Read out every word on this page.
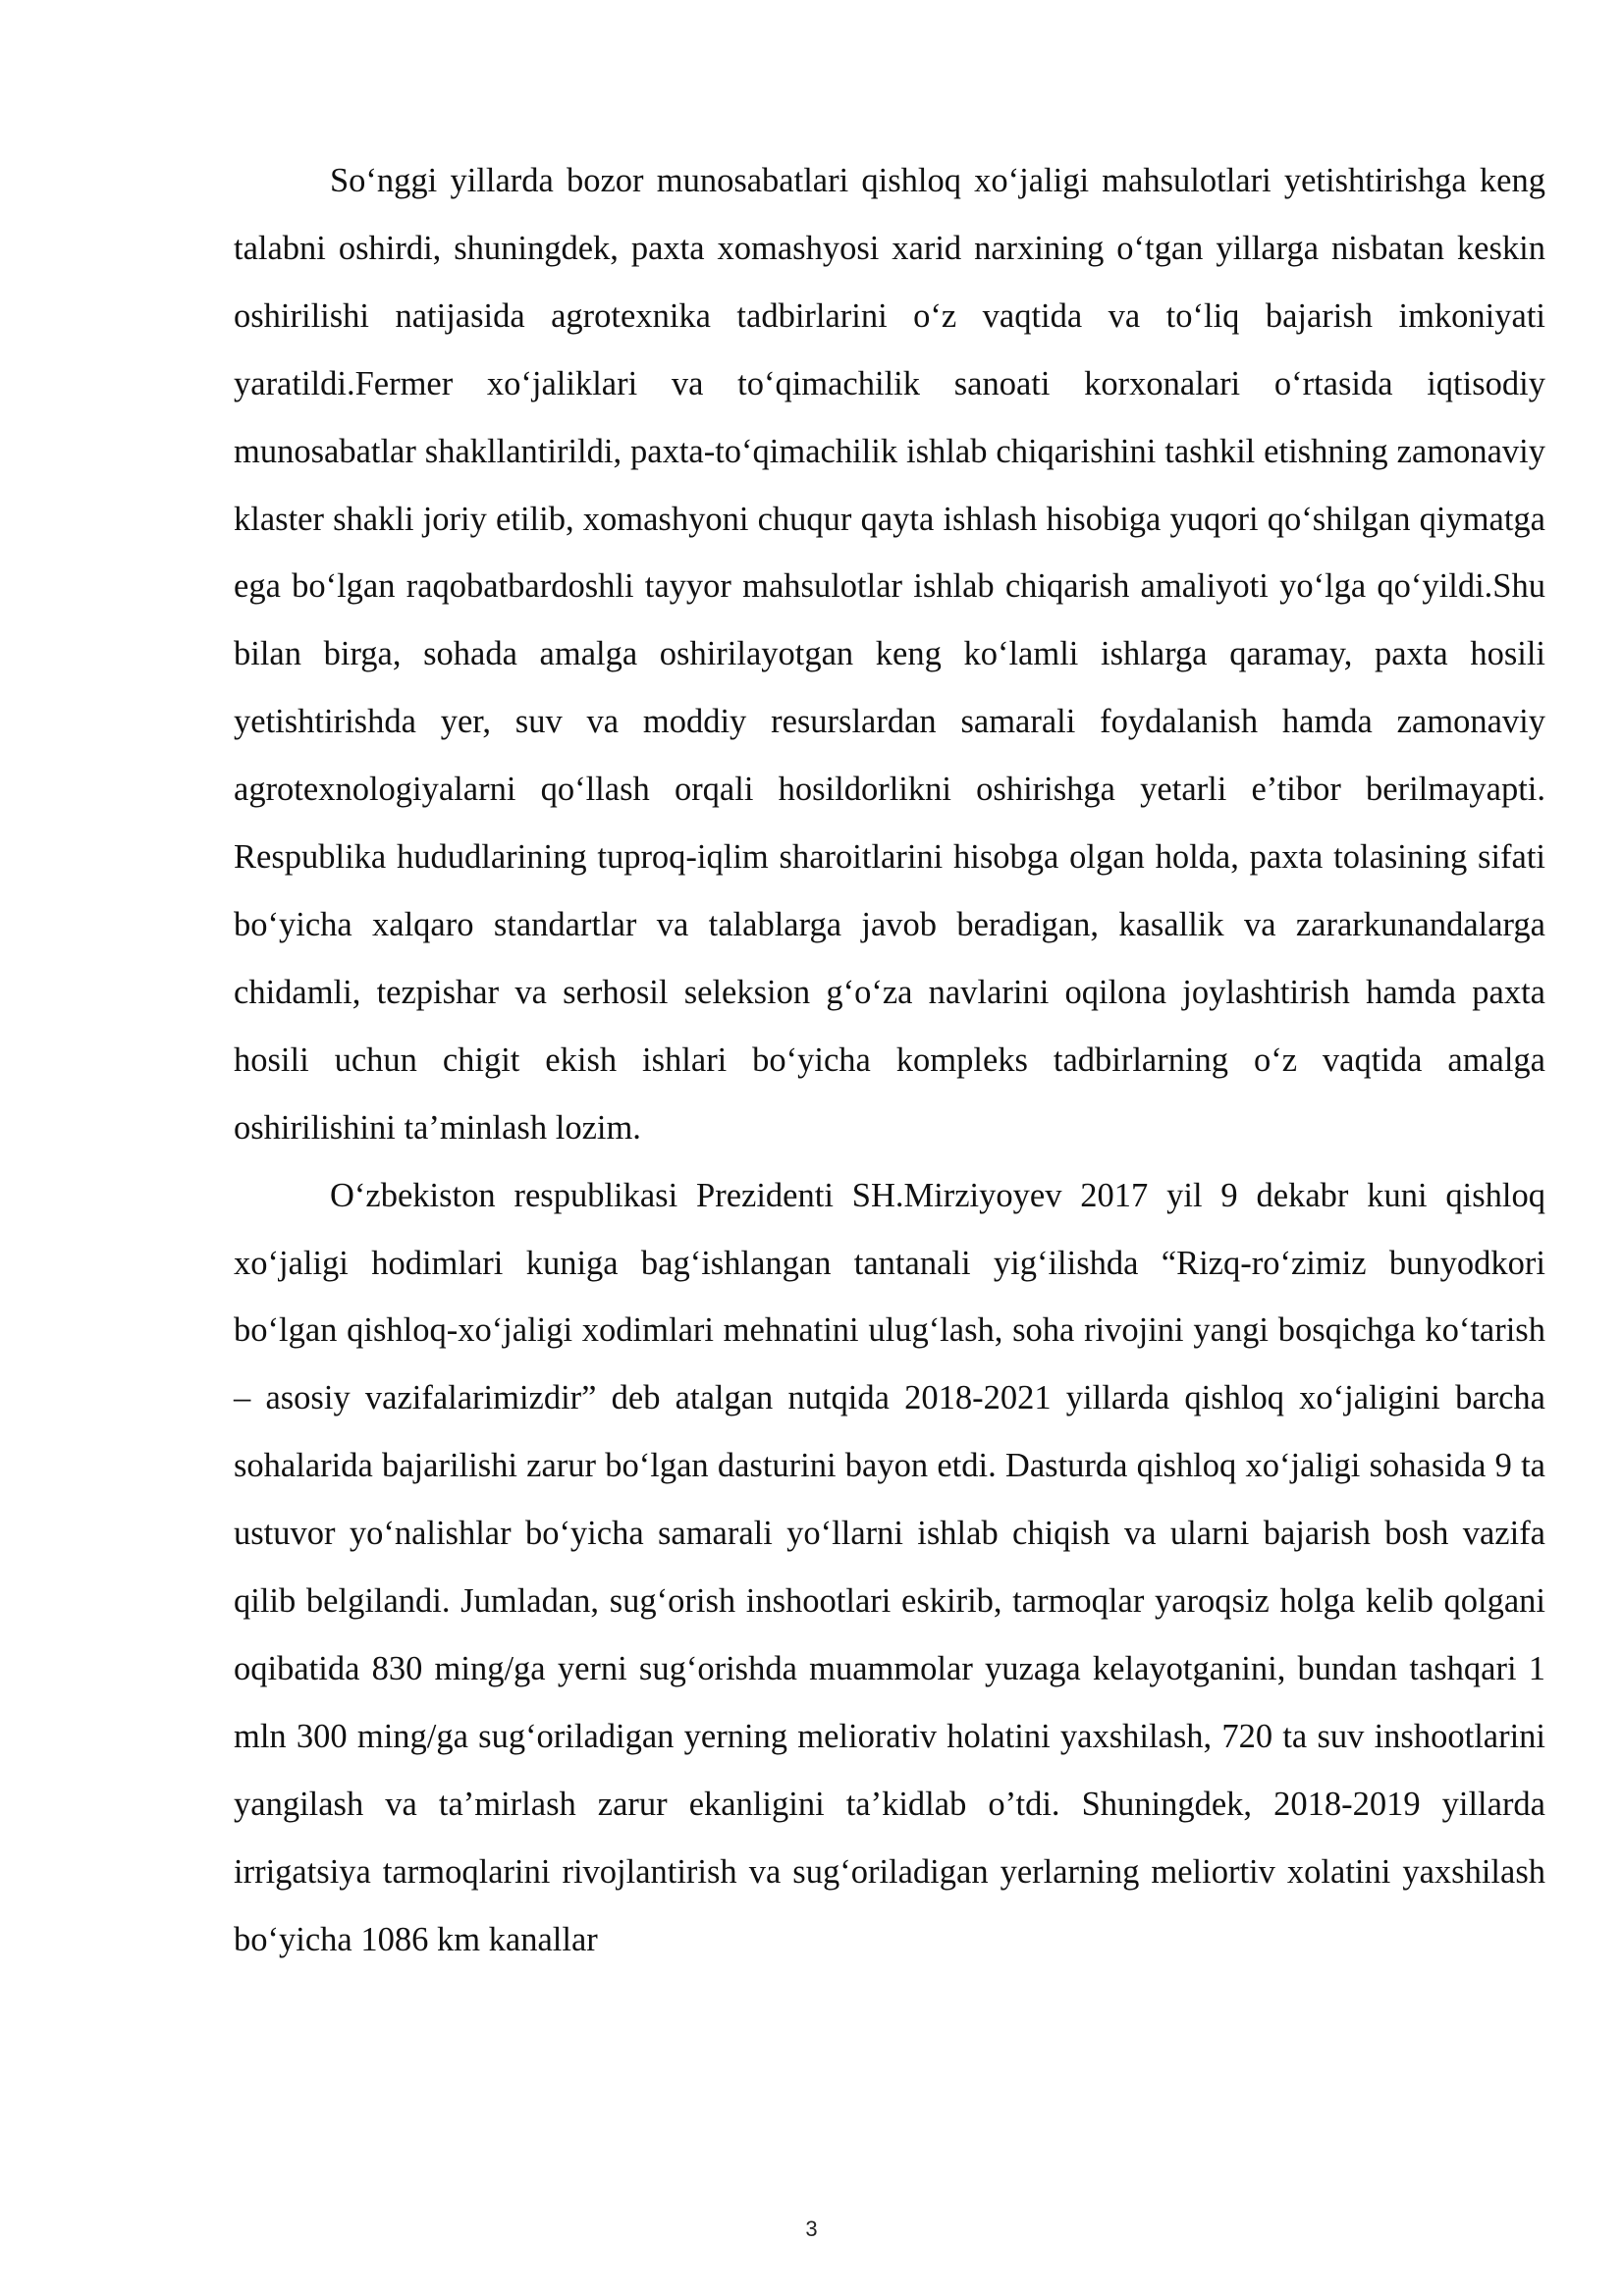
So‘nggi yillarda bozor munosabatlari qishloq xo‘jaligi mahsulotlari yetishtirishga keng talabni oshirdi, shuningdek, paxta xomashyosi xarid narxining o‘tgan yillarga nisbatan keskin oshirilishi natijasida agrotexnika tadbirlarini o‘z vaqtida va to‘liq bajarish imkoniyati yaratildi.Fermer xo‘jaliklari va to‘qimachilik sanoati korxonalari o‘rtasida iqtisodiy munosabatlar shakllantirildi, paxta-to‘qimachilik ishlab chiqarishini tashkil etishning zamonaviy klaster shakli joriy etilib, xomashyoni chuqur qayta ishlash hisobiga yuqori qo‘shilgan qiymatga ega bo‘lgan raqobatbardoshli tayyor mahsulotlar ishlab chiqarish amaliyoti yo‘lga qo‘yildi.Shu bilan birga, sohada amalga oshirilayotgan keng ko‘lamli ishlarga qaramay, paxta hosili yetishtirishda yer, suv va moddiy resurslardan samarali foydalanish hamda zamonaviy agrotexnologiyalarni qo‘llash orqali hosildorlikni oshirishga yetarli e’tibor berilmayapti. Respublika hududlarining tuproq-iqlim sharoitlarini hisobga olgan holda, paxta tolasining sifati bo‘yicha xalqaro standartlar va talablarga javob beradigan, kasallik va zararkunandalarga chidamli, tezpishar va serhosil seleksion g‘o‘za navlarini oqilona joylashtirish hamda paxta hosili uchun chigit ekish ishlari bo‘yicha kompleks tadbirlarning o‘z vaqtida amalga oshirilishini ta’minlash lozim.

O‘zbekiston respublikasi Prezidenti SH.Mirziyoyev 2017 yil 9 dekabr kuni qishloq xo‘jaligi hodimlari kuniga bag‘ishlangan tantanali yig‘ilishda “Rizq-ro‘zimiz bunyodkori bo‘lgan qishloq-xo‘jaligi xodimlari mehnatini ulug‘lash, soha rivojini yangi bosqichga ko‘tarish – asosiy vazifalarimizdir” deb atalgan nutqida 2018-2021 yillarda qishloq xo‘jaligini barcha sohalarida bajarilishi zarur bo‘lgan dasturini bayon etdi. Dasturda qishloq xo‘jaligi sohasida 9 ta ustuvor yo‘nalishlar bo‘yicha samarali yo‘llarni ishlab chiqish va ularni bajarish bosh vazifa qilib belgilandi. Jumladan, sug‘orish inshootlari eskirib, tarmoqlar yaroqsiz holga kelib qolgani oqibatida 830 ming/ga yerni sug‘orishda muammolar yuzaga kelayotganini, bundan tashqari 1 mln 300 ming/ga sug‘oriladigan yerning meliorativ holatini yaxshilash, 720 ta suv inshootlarini yangilash va ta’mirlash zarur ekanligini ta’kidlab o’tdi. Shuningdek, 2018-2019 yillarda irrigatsiya tarmoqlarini rivojlantirish va sug‘oriladigan yerlarning meliortiv xolatini yaxshilash bo‘yicha 1086 km kanallar

3
